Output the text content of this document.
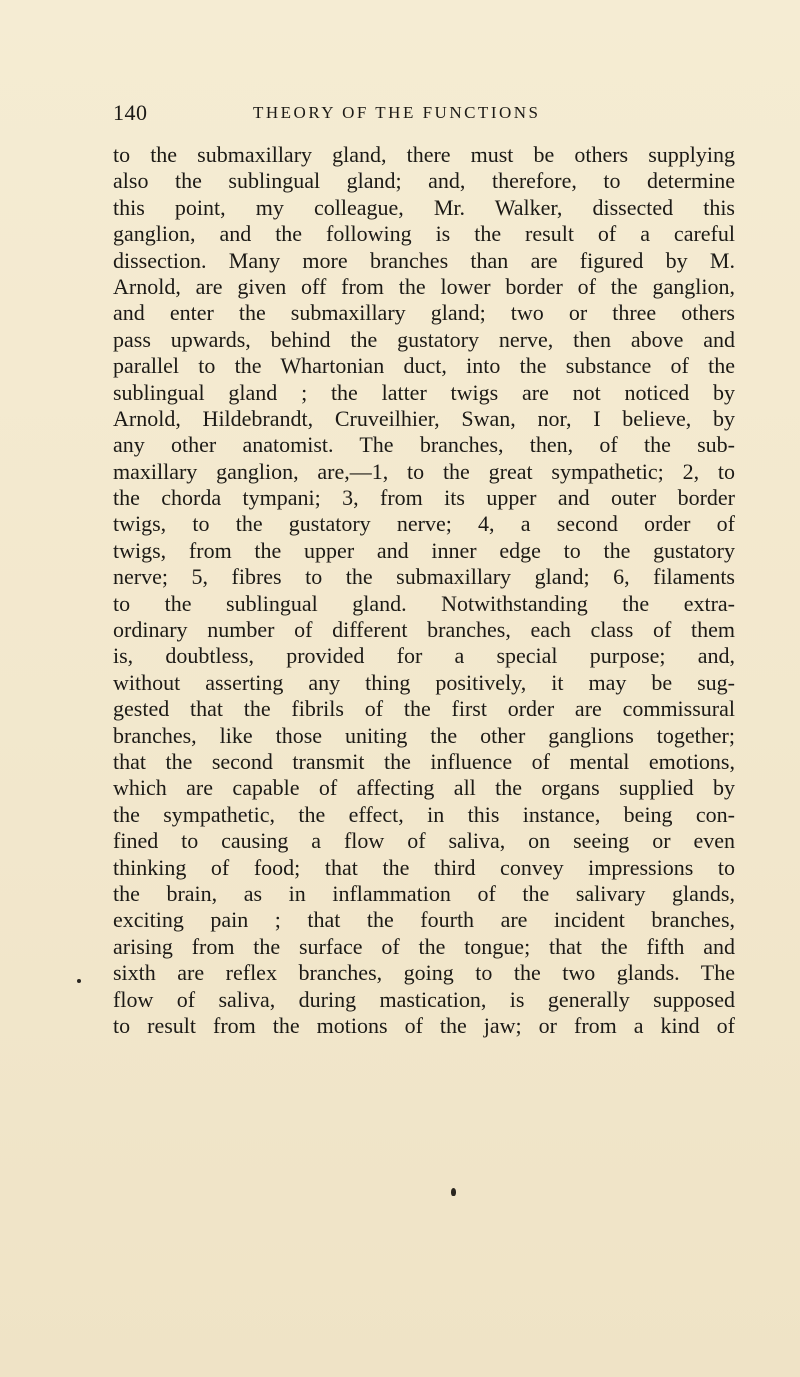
140	THEORY OF THE FUNCTIONS
to the submaxillary gland, there must be others supplying
also the sublingual gland; and, therefore, to determine
this point, my colleague, Mr. Walker, dissected this
ganglion, and the following is the result of a careful
dissection. Many more branches than are figured by M.
Arnold, are given off from the lower border of the ganglion,
and enter the submaxillary gland; two or three others
pass upwards, behind the gustatory nerve, then above and
parallel to the Whartonian duct, into the substance of the
sublingual gland ; the latter twigs are not noticed by
Arnold, Hildebrandt, Cruveilhier, Swan, nor, I believe, by
any other anatomist. The branches, then, of the sub-
maxillary ganglion, are,—1, to the great sympathetic; 2, to
the chorda tympani; 3, from its upper and outer border
twigs, to the gustatory nerve; 4, a second order of
twigs, from the upper and inner edge to the gustatory
nerve; 5, fibres to the submaxillary gland; 6, filaments
to the sublingual gland. Notwithstanding the extra-
ordinary number of different branches, each class of them
is, doubtless, provided for a special purpose; and,
without asserting any thing positively, it may be sug-
gested that the fibrils of the first order are commissural
branches, like those uniting the other ganglions together;
that the second transmit the influence of mental emotions,
which are capable of affecting all the organs supplied by
the sympathetic, the effect, in this instance, being con-
fined to causing a flow of saliva, on seeing or even
thinking of food; that the third convey impressions to
the brain, as in inflammation of the salivary glands,
exciting pain ; that the fourth are incident branches,
arising from the surface of the tongue; that the fifth and
sixth are reflex branches, going to the two glands. The
flow of saliva, during mastication, is generally supposed
to result from the motions of the jaw; or from a kind of
